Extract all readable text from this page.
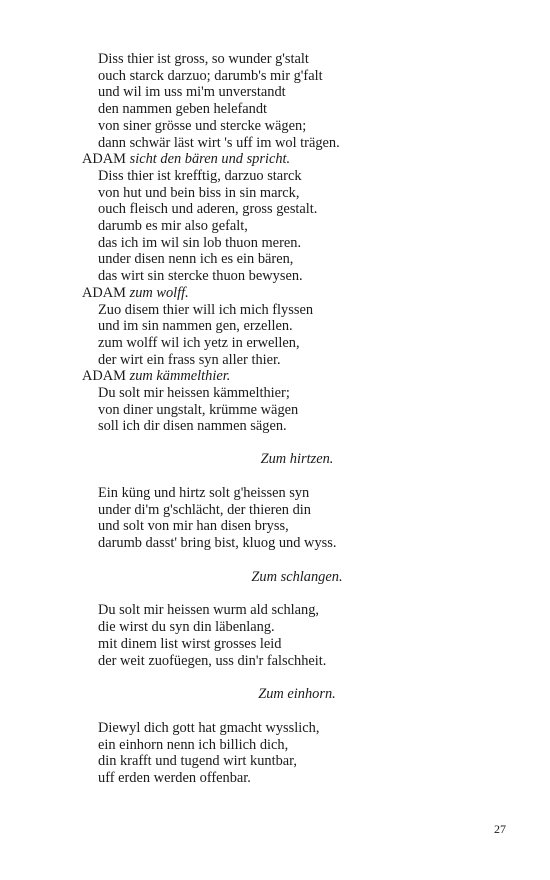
Diss thier ist gross, so wunder g'stalt
ouch starck darzuo; darumb's mir g'falt
und wil im uss mi'm unverstandt
den nammen geben helefandt
von siner grösse und stercke wägen;
dann schwär läst wirt 's uff im wol trägen.
ADAM sicht den bären und spricht.
Diss thier ist krefftig, darzuo starck
von hut und bein biss in sin marck,
ouch fleisch und aderen, gross gestalt.
darumb es mir also gefalt,
das ich im wil sin lob thuon meren.
under disen nenn ich es ein bären,
das wirt sin stercke thuon bewysen.
ADAM zum wolff.
Zuo disem thier will ich mich flyssen
und im sin nammen gen, erzellen.
zum wolff wil ich yetz in erwellen,
der wirt ein frass syn aller thier.
ADAM zum kämmelthier.
Du solt mir heissen kämmelthier;
von diner ungstalt, krümme wägen
soll ich dir disen nammen sägen.
Zum hirtzen.
Ein küng und hirtz solt g'heissen syn
under di'm g'schlächt, der thieren din
und solt von mir han disen bryss,
darumb dasst' bring bist, kluog und wyss.
Zum schlangen.
Du solt mir heissen wurm ald schlang,
die wirst du syn din läbenlang.
mit dinem list wirst grosses leid
der weit zuofüegen, uss din'r falschheit.
Zum einhorn.
Diewyl dich gott hat gmacht wysslich,
ein einhorn nenn ich billich dich,
din krafft und tugend wirt kuntbar,
uff erden werden offenbar.
27
